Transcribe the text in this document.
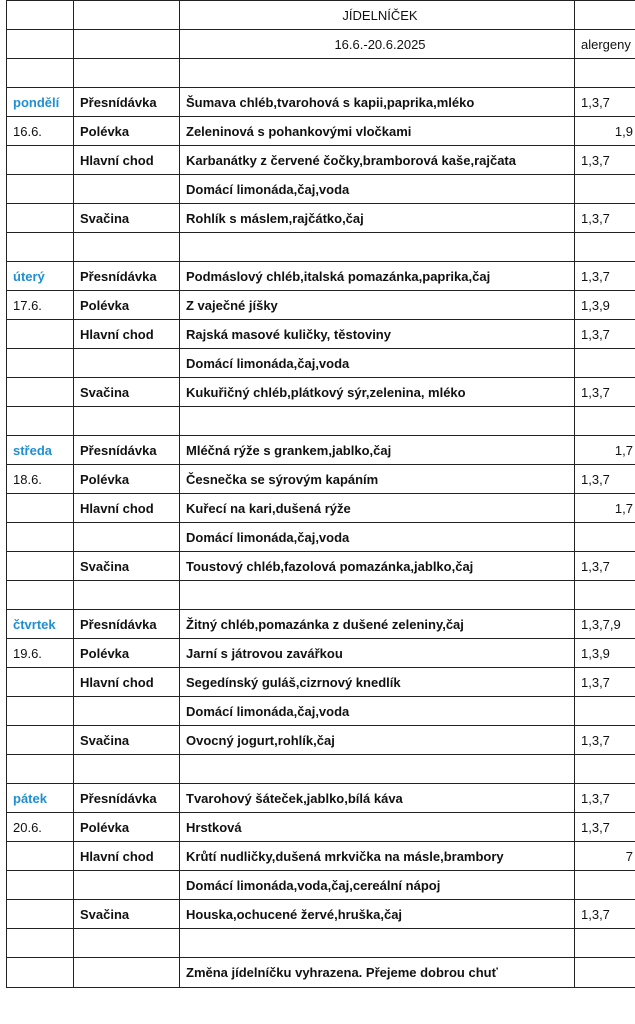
		JÍDELNÍČEK	
		16.6.-20.6.2025	alergeny

pondělí	Přesnídávka	Šumava chléb,tvarohová s kapii,paprika,mléko	1,3,7
16.6.	Polévka	Zeleninová s pohankovými vločkami	1,9
	Hlavní chod	Karbanátky z červené čočky,bramborová kaše,rajčata	1,3,7
		Domácí limonáda,čaj,voda	
	Svačina	Rohlík s máslem,rajčátko,čaj	1,3,7

úterý	Přesnídávka	Podmáslový chléb,italská pomazánka,paprika,čaj	1,3,7
17.6.	Polévka	Z vaječné jíšky	1,3,9
	Hlavní chod	Rajská masové kuličky, těstoviny	1,3,7
		Domácí limonáda,čaj,voda	
	Svačina	Kukuřičný chléb,plátkový sýr,zelenina, mléko	1,3,7

středa	Přesnídávka	Mléčná rýže s grankem,jablko,čaj	1,7
18.6.	Polévka	Česnečka se sýrovým kapáním	1,3,7
	Hlavní chod	Kuřecí na kari,dušená rýže	1,7
		Domácí limonáda,čaj,voda	
	Svačina	Toustový chléb,fazolová pomazánka,jablko,čaj	1,3,7

čtvrtek	Přesnídávka	Žitný chléb,pomazánka z dušené zeleniny,čaj	1,3,7,9
19.6.	Polévka	Jarní s játrovou zavářkou	1,3,9
	Hlavní chod	Segedínský guláš,cizrnový knedlík	1,3,7
		Domácí limonáda,čaj,voda	
	Svačina	Ovocný jogurt,rohlík,čaj	1,3,7

pátek	Přesnídávka	Tvarohový šáteček,jablko,bílá káva	1,3,7
20.6.	Polévka	Hrstková	1,3,7
	Hlavní chod	Krůtí nudličky,dušená mrkvička na másle,brambory	7
		Domácí limonáda,voda,čaj,cereální nápoj	
	Svačina	Houska,ochucené žervé,hruška,čaj	1,3,7

		Změna jídelníčku vyhrazena. Přejeme dobrou chuť	
